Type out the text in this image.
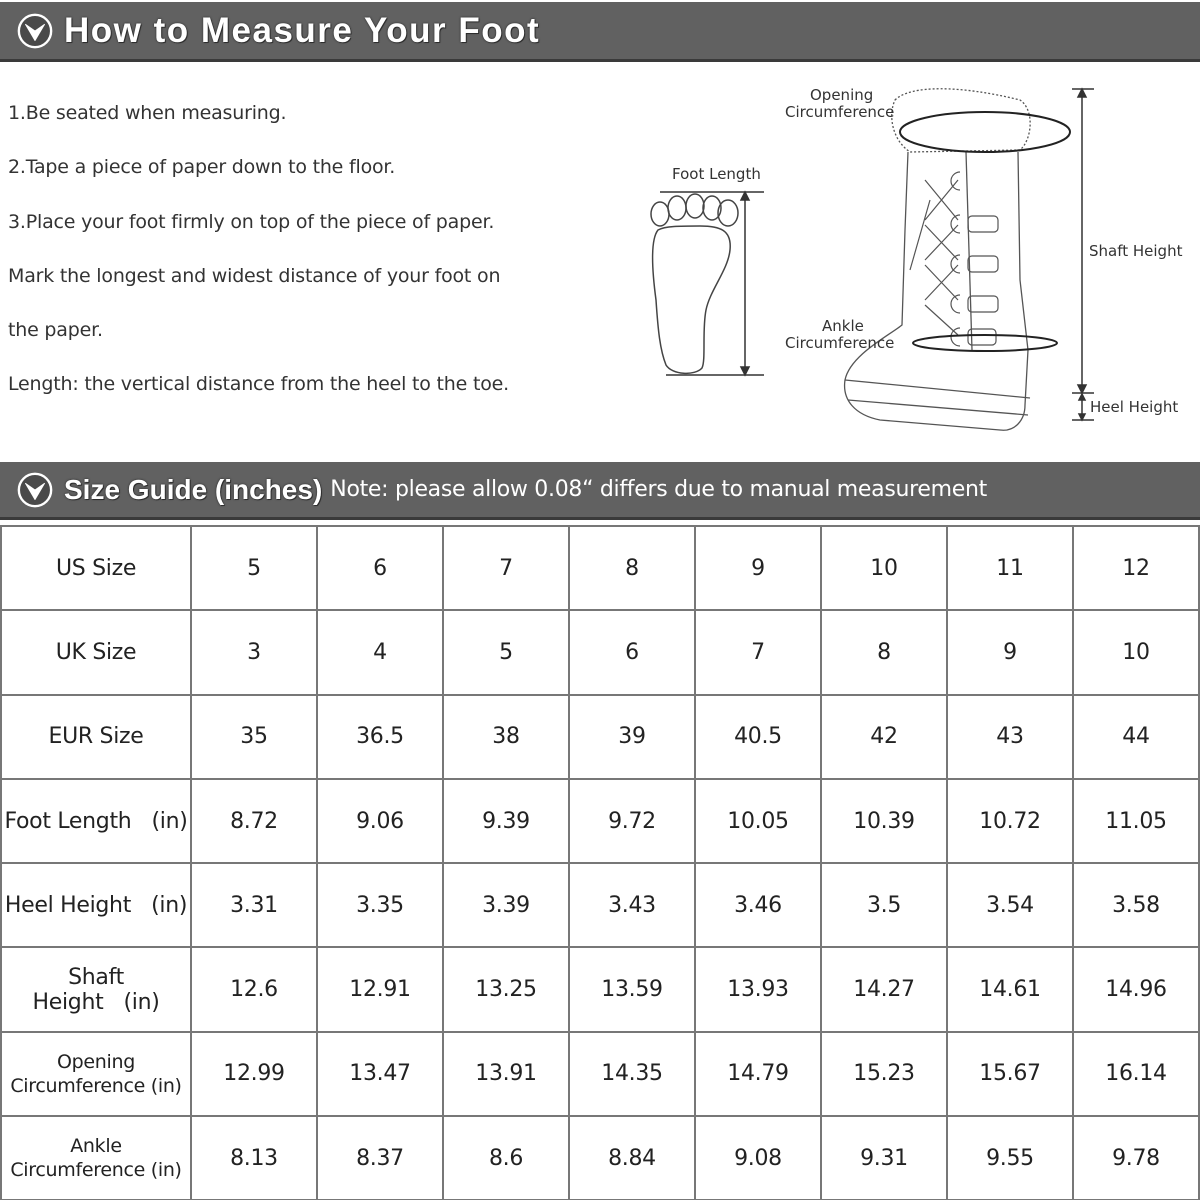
How to Measure Your Foot
1.Be seated when measuring.
2.Tape a piece of paper down to the floor.
3.Place your foot firmly on top of the piece of paper.
Mark the longest and widest distance of your foot on
the paper.
Length: the vertical distance from the heel to the toe.
Foot Length
Opening
Circumference
Ankle
Circumference
Shaft Height
Heel Height
Size Guide (inches) Note: please allow 0.08“ differs due to manual measurement
US Size	5	6	7	8	9	10	11	12
UK Size	3	4	5	6	7	8	9	10
EUR Size	35	36.5	38	39	40.5	42	43	44
Foot Length   (in)	8.72	9.06	9.39	9.72	10.05	10.39	10.72	11.05
Heel Height   (in)	3.31	3.35	3.39	3.43	3.46	3.5	3.54	3.58
Shaft Height   (in)	12.6	12.91	13.25	13.59	13.93	14.27	14.61	14.96

Opening
Circumference (in)	12.99	13.47	13.91	14.35	14.79	15.23	15.67	16.14

Ankle
Circumference (in)	8.13	8.37	8.6	8.84	9.08	9.31	9.55	9.78
